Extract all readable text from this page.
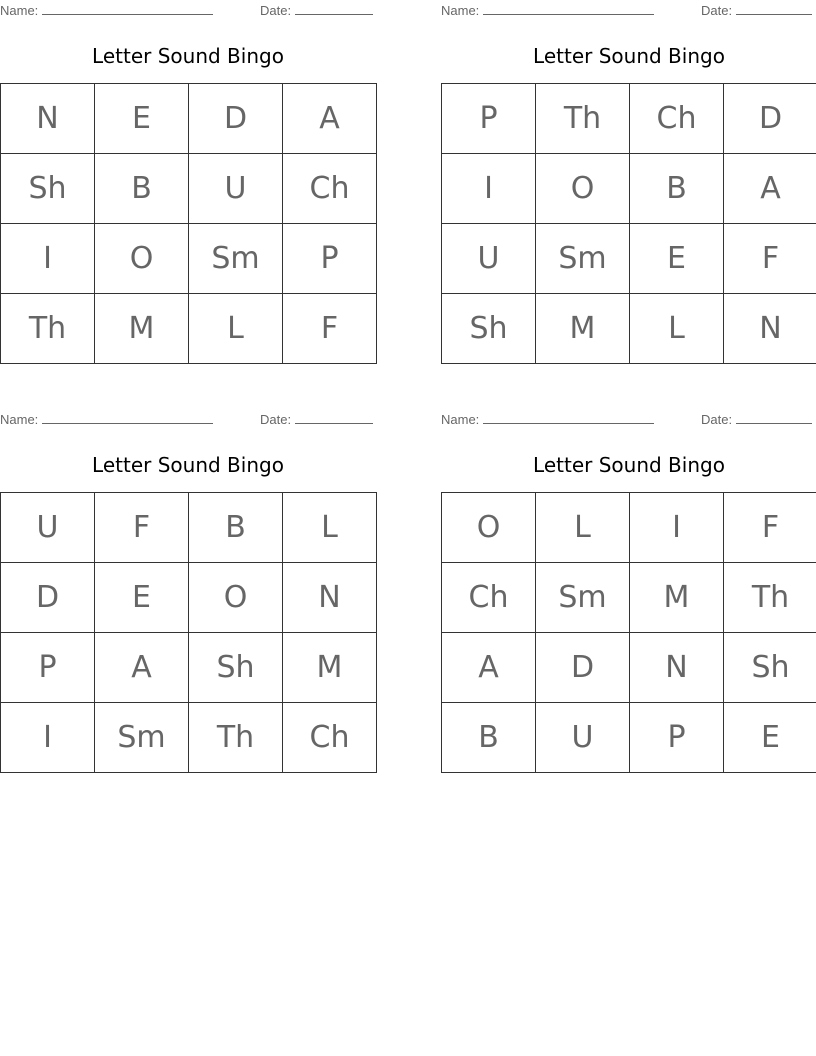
Name:	Date:
Letter Sound Bingo
N	E	D	A
Sh	B	U	Ch
I	O	Sm	P
Th	M	L	F
Name:	Date:
Letter Sound Bingo
P	Th	Ch	D
I	O	B	A
U	Sm	E	F
Sh	M	L	N
Name:	Date:
Letter Sound Bingo
U	F	B	L
D	E	O	N
P	A	Sh	M
I	Sm	Th	Ch
Name:	Date:
Letter Sound Bingo
O	L	I	F
Ch	Sm	M	Th
A	D	N	Sh
B	U	P	E
